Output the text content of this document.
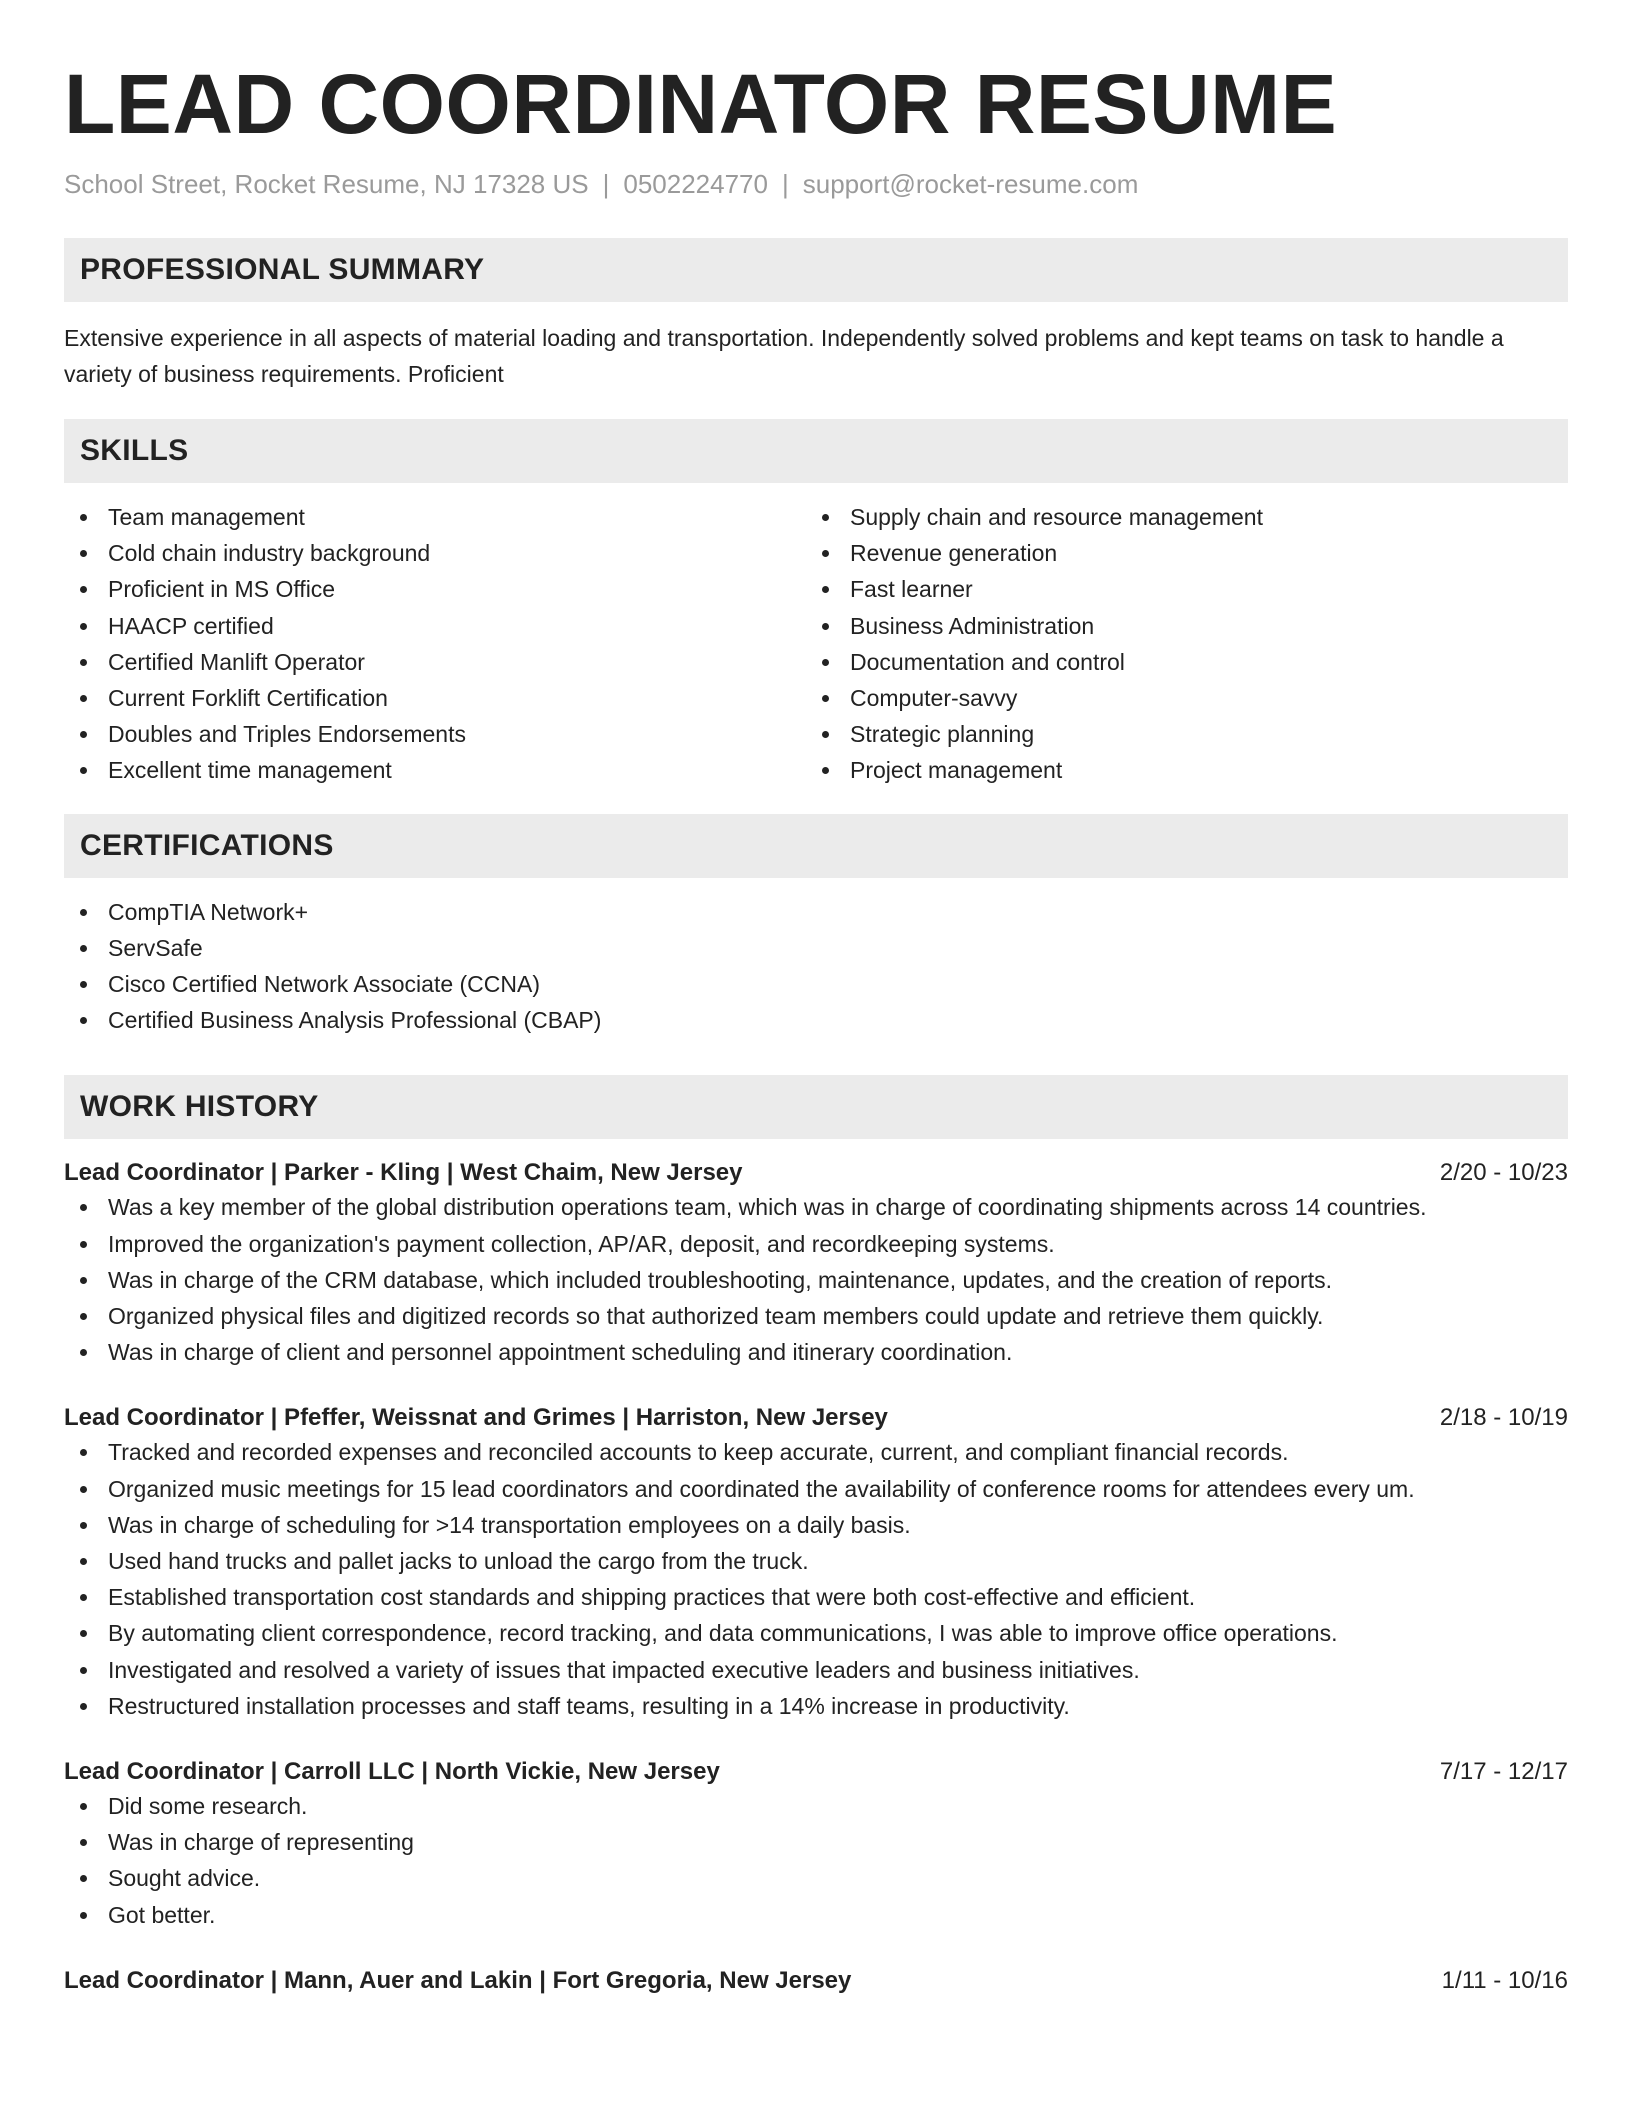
LEAD COORDINATOR RESUME
School Street, Rocket Resume, NJ 17328 US | 0502224770 | support@rocket-resume.com
PROFESSIONAL SUMMARY
Extensive experience in all aspects of material loading and transportation. Independently solved problems and kept teams on task to handle a variety of business requirements. Proficient
SKILLS
Team management
Cold chain industry background
Proficient in MS Office
HAACP certified
Certified Manlift Operator
Current Forklift Certification
Doubles and Triples Endorsements
Excellent time management
Supply chain and resource management
Revenue generation
Fast learner
Business Administration
Documentation and control
Computer-savvy
Strategic planning
Project management
CERTIFICATIONS
CompTIA Network+
ServSafe
Cisco Certified Network Associate (CCNA)
Certified Business Analysis Professional (CBAP)
WORK HISTORY
Lead Coordinator | Parker - Kling | West Chaim, New Jersey	2/20 - 10/23
Was a key member of the global distribution operations team, which was in charge of coordinating shipments across 14 countries.
Improved the organization's payment collection, AP/AR, deposit, and recordkeeping systems.
Was in charge of the CRM database, which included troubleshooting, maintenance, updates, and the creation of reports.
Organized physical files and digitized records so that authorized team members could update and retrieve them quickly.
Was in charge of client and personnel appointment scheduling and itinerary coordination.
Lead Coordinator | Pfeffer, Weissnat and Grimes | Harriston, New Jersey	2/18 - 10/19
Tracked and recorded expenses and reconciled accounts to keep accurate, current, and compliant financial records.
Organized music meetings for 15 lead coordinators and coordinated the availability of conference rooms for attendees every um.
Was in charge of scheduling for >14 transportation employees on a daily basis.
Used hand trucks and pallet jacks to unload the cargo from the truck.
Established transportation cost standards and shipping practices that were both cost-effective and efficient.
By automating client correspondence, record tracking, and data communications, I was able to improve office operations.
Investigated and resolved a variety of issues that impacted executive leaders and business initiatives.
Restructured installation processes and staff teams, resulting in a 14% increase in productivity.
Lead Coordinator | Carroll LLC | North Vickie, New Jersey	7/17 - 12/17
Did some research.
Was in charge of representing
Sought advice.
Got better.
Lead Coordinator | Mann, Auer and Lakin | Fort Gregoria, New Jersey	1/11 - 10/16
